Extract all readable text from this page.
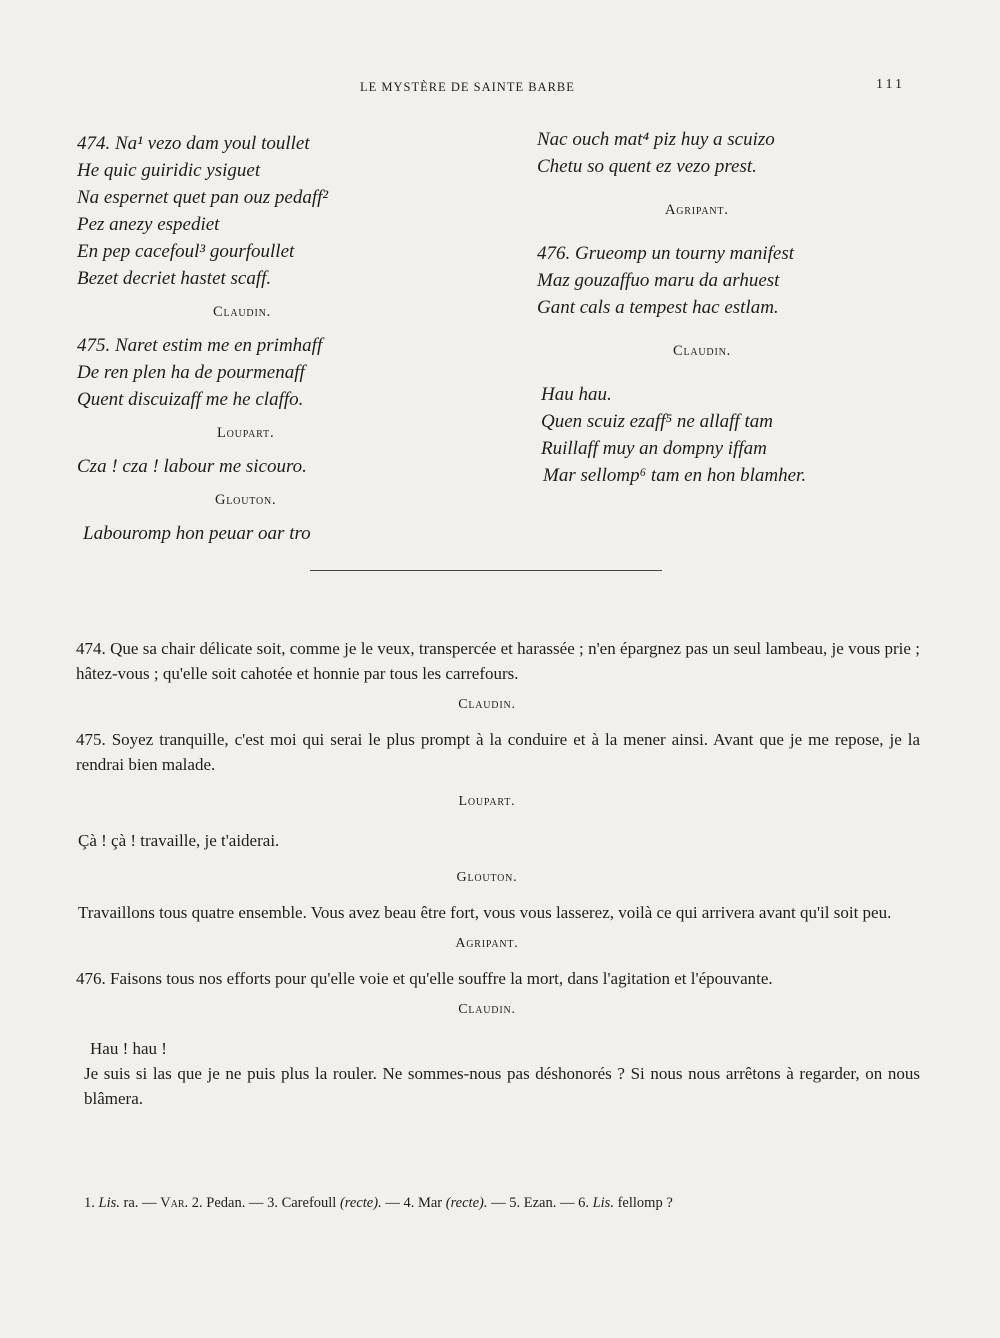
LE MYSTÈRE DE SAINTE BARBE	111
474. Na¹ vezo dam youl toullet
He quic guiridic ysiguet
Na espernet quet pan ouz pedaff²
Pez anezy espediet
En pep cacefoul³ gourfoullet
Bezet decriet hastet scaff.
Claudin.
475. Naret estim me en primhaff
De ren plen ha de pourmenaff
Quent discuizaff me he claffo.
Loupart.
Cza ! cza ! labour me sicouro.
Glouton.
Labouromp hon peuar oar tro
Nac ouch mat⁴ piz huy a scuizo
Chetu so quent ez vezo prest.
Agripant.
476. Grueomp un tourny manifest
Maz gouzaffuo maru da arhuest
Gant cals a tempest hac estlam.
Claudin.
Hau hau.
Quen scuiz ezaff⁵ ne allaff tam
Ruillaff muy an dompny iffam
Mar sellomp⁶ tam en hon blamher.

474. Que sa chair délicate soit, comme je le veux, transpercée et harassée ; n'en épargnez pas un seul lambeau, je vous prie ; hâtez-vous ; qu'elle soit cahotée et honnie par tous les carrefours.

Claudin.

475. Soyez tranquille, c'est moi qui serai le plus prompt à la conduire et à la mener ainsi. Avant que je me repose, je la rendrai bien malade.

Loupart.

Çà ! çà ! travaille, je t'aiderai.

Glouton.

Travaillons tous quatre ensemble. Vous avez beau être fort, vous vous lasserez, voilà ce qui arrivera avant qu'il soit peu.

Agripant.

476. Faisons tous nos efforts pour qu'elle voie et qu'elle souffre la mort, dans l'agitation et l'épouvante.

Claudin.

Hau ! hau !

Je suis si las que je ne puis plus la rouler. Ne sommes-nous pas déshonorés ? Si nous nous arrêtons à regarder, on nous blâmera.

1. Lis. ra. — Var. 2. Pedan. — 3. Carefoull (recte). — 4. Mar (recte). — 5. Ezan. — 6. Lis. fellomp ?
